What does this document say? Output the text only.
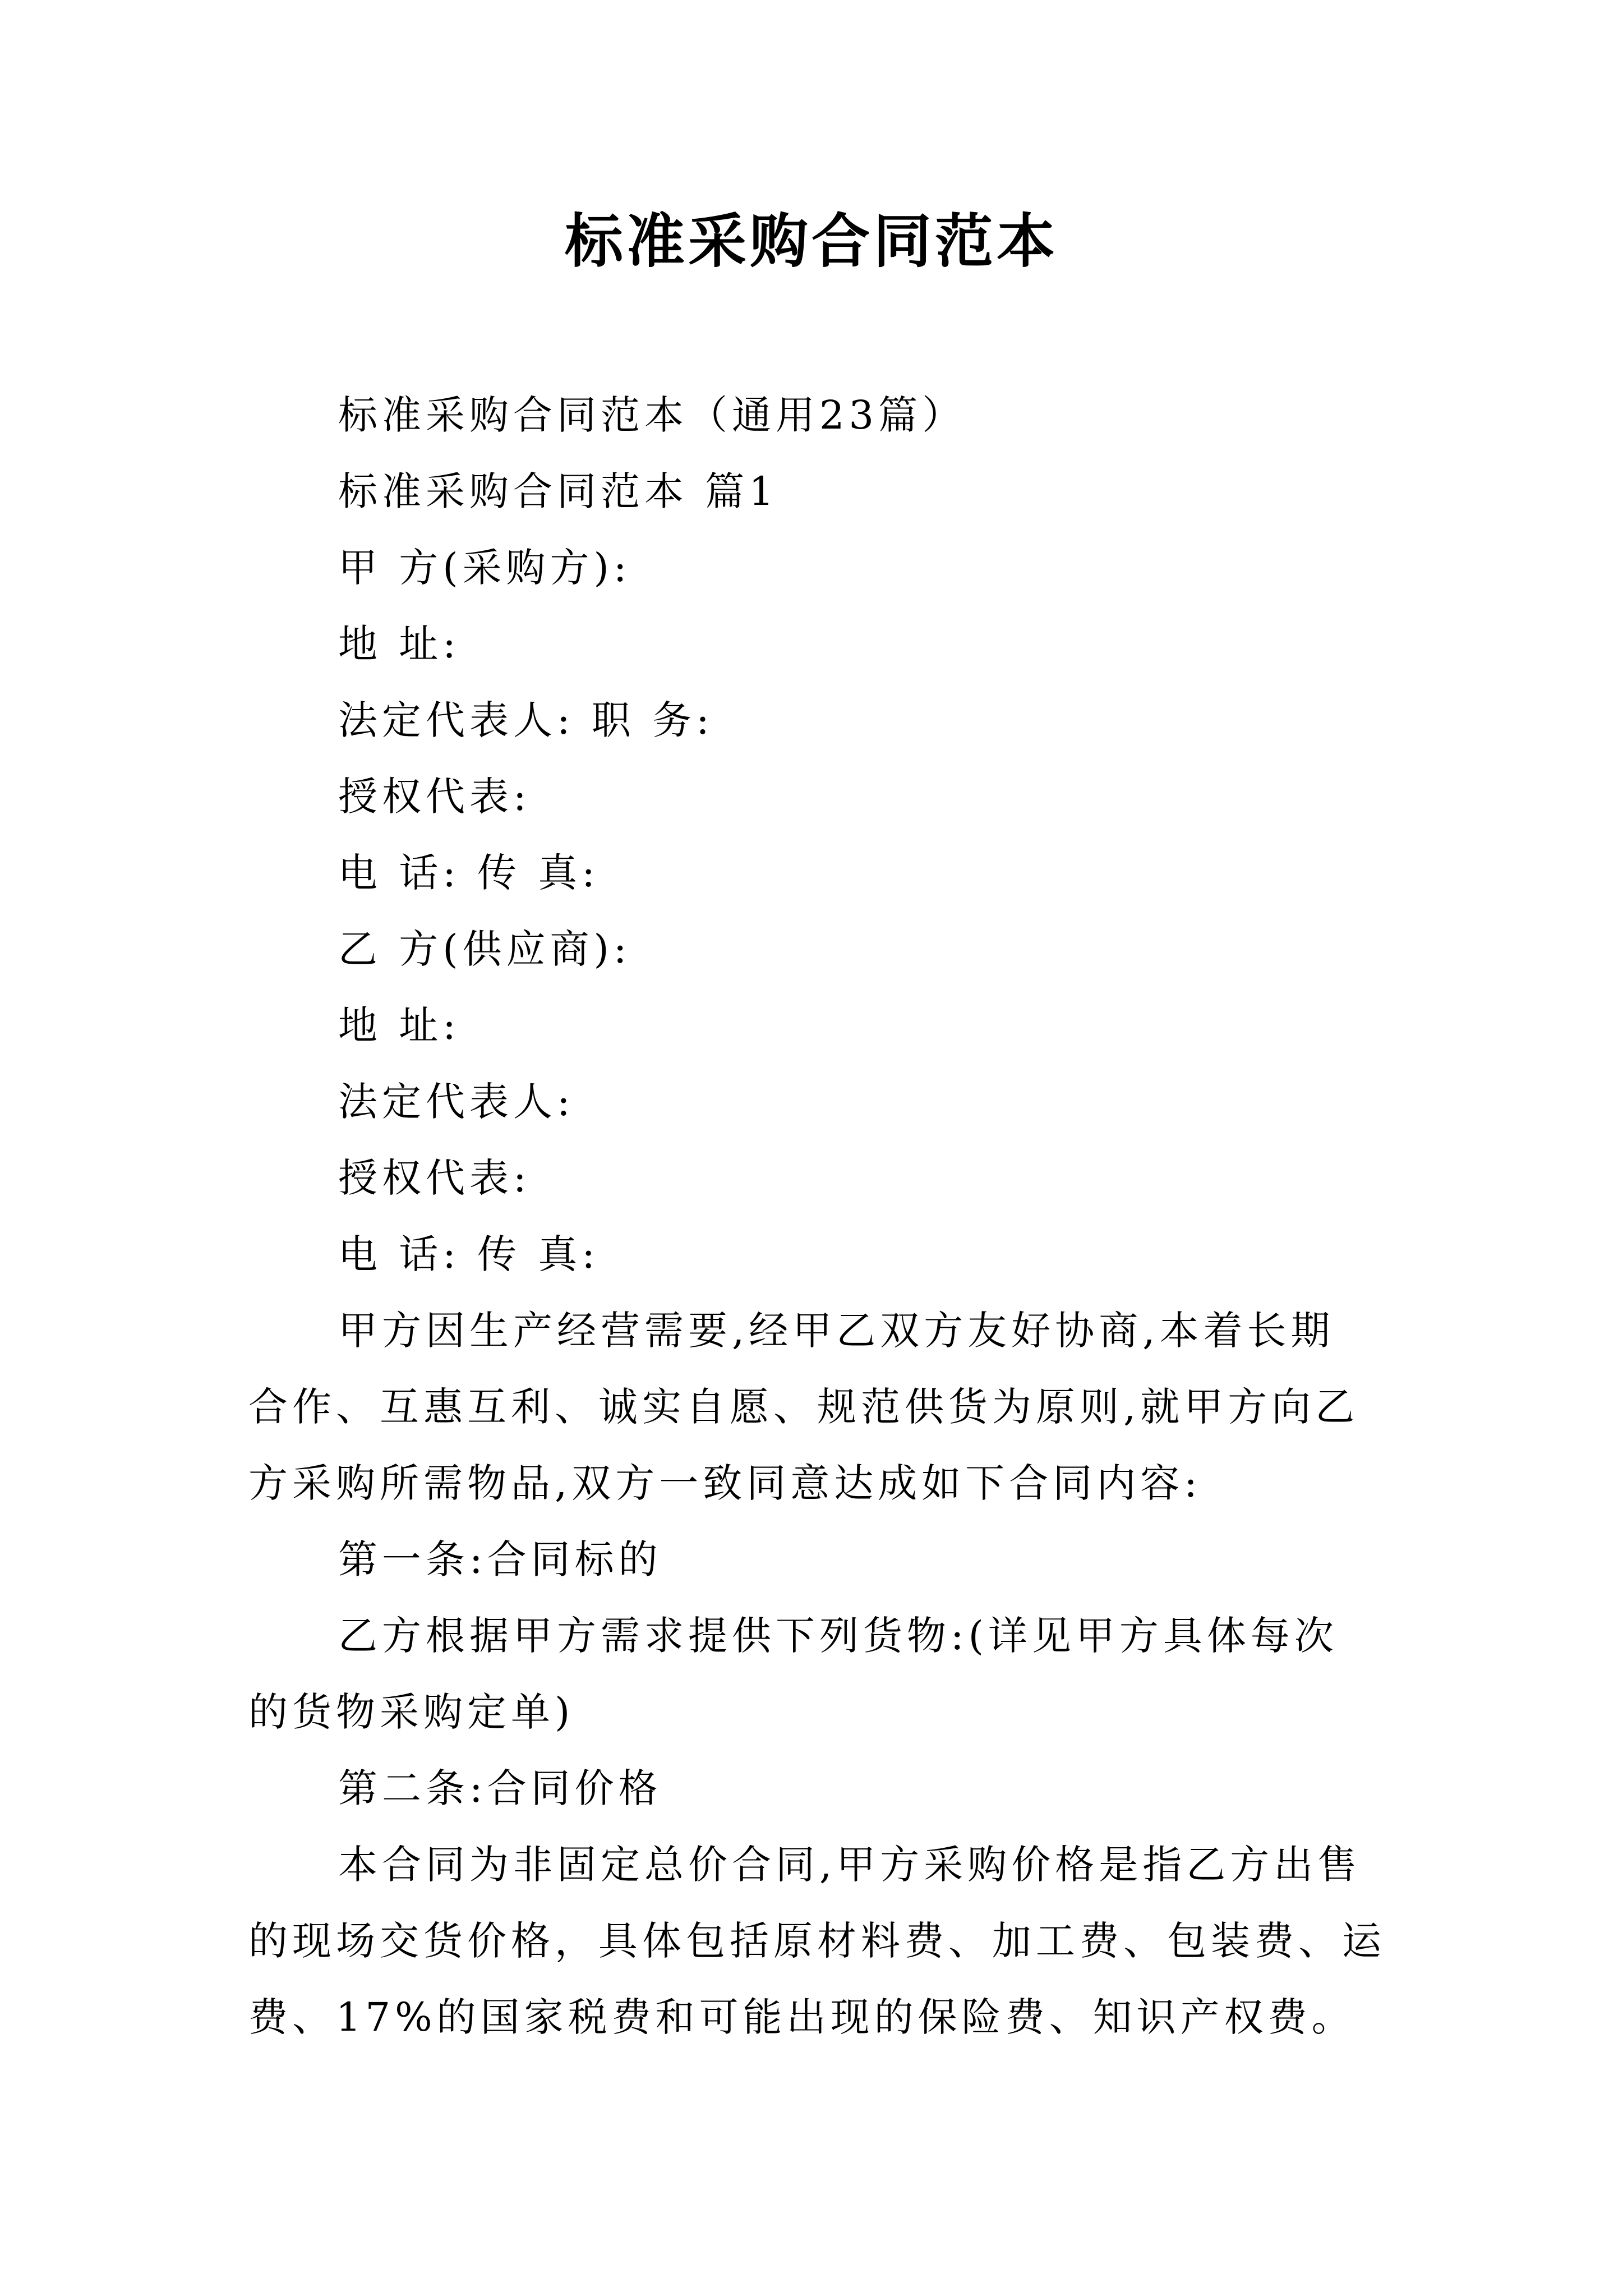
标准采购合同范本
标准采购合同范本（通用23篇）
标准采购合同范本 篇1
甲 方(采购方):
地 址:
法定代表人: 职 务:
授权代表:
电 话: 传 真:
乙 方(供应商):
地 址:
法定代表人:
授权代表:
电 话: 传 真:
甲方因生产经营需要,经甲乙双方友好协商,本着长期
合作、互惠互利、诚实自愿、规范供货为原则,就甲方向乙
方采购所需物品,双方一致同意达成如下合同内容:
第一条:合同标的
乙方根据甲方需求提供下列货物:(详见甲方具体每次
的货物采购定单)
第二条:合同价格
本合同为非固定总价合同,甲方采购价格是指乙方出售
的现场交货价格，具体包括原材料费、加工费、包装费、运
费、17%的国家税费和可能出现的保险费、知识产权费。
